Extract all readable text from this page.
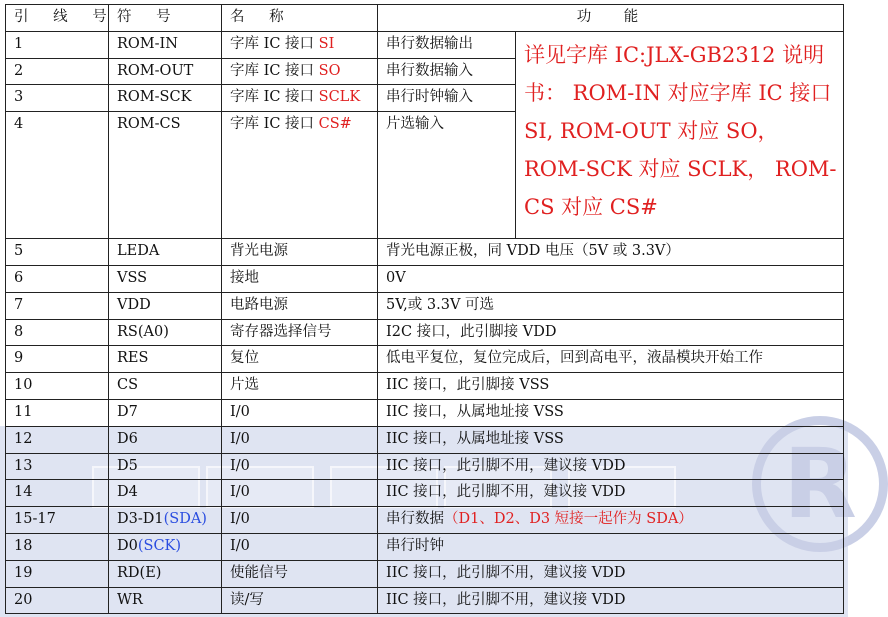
R
引 线 号	符 号	名 称	功 能	
1	ROM-IN	字库 IC 接口 SI	串行数据输出	详见字库 IC:JLX-GB2312 说明书： ROM-IN 对应字库 IC 接口 SI, ROM-OUT 对应 SO， ROM-SCK 对应 SCLK， ROM-CS 对应 CS#
2	ROM-OUT	字库 IC 接口 SO	串行数据输入	
3	ROM-SCK	字库 IC 接口 SCLK	串行时钟输入	
4	ROM-CS	字库 IC 接口 CS#	片选输入	
5	LEDA	背光电源	背光电源正极，同 VDD 电压（5V 或 3.3V）	
6	VSS	接地	0V	
7	VDD	电路电源	5V,或 3.3V 可选	
8	RS(A0)	寄存器选择信号	I2C 接口，此引脚接 VDD	
9	RES	复位	低电平复位，复位完成后，回到高电平，液晶模块开始工作	
10	CS	片选	IIC 接口，此引脚接 VSS	
11	D7	I/0	IIC 接口，从属地址接 VSS	
12	D6	I/0	IIC 接口，从属地址接 VSS	
13	D5	I/0	IIC 接口，此引脚不用，建议接 VDD	
14	D4	I/0	IIC 接口，此引脚不用，建议接 VDD	
15-17	D3-D1(SDA)	I/0	串行数据（D1、D2、D3 短接一起作为 SDA）	
18	D0(SCK)	I/0	串行时钟	
19	RD(E)	使能信号	IIC 接口，此引脚不用，建议接 VDD	
20	WR	读/写	IIC 接口，此引脚不用，建议接 VDD	
